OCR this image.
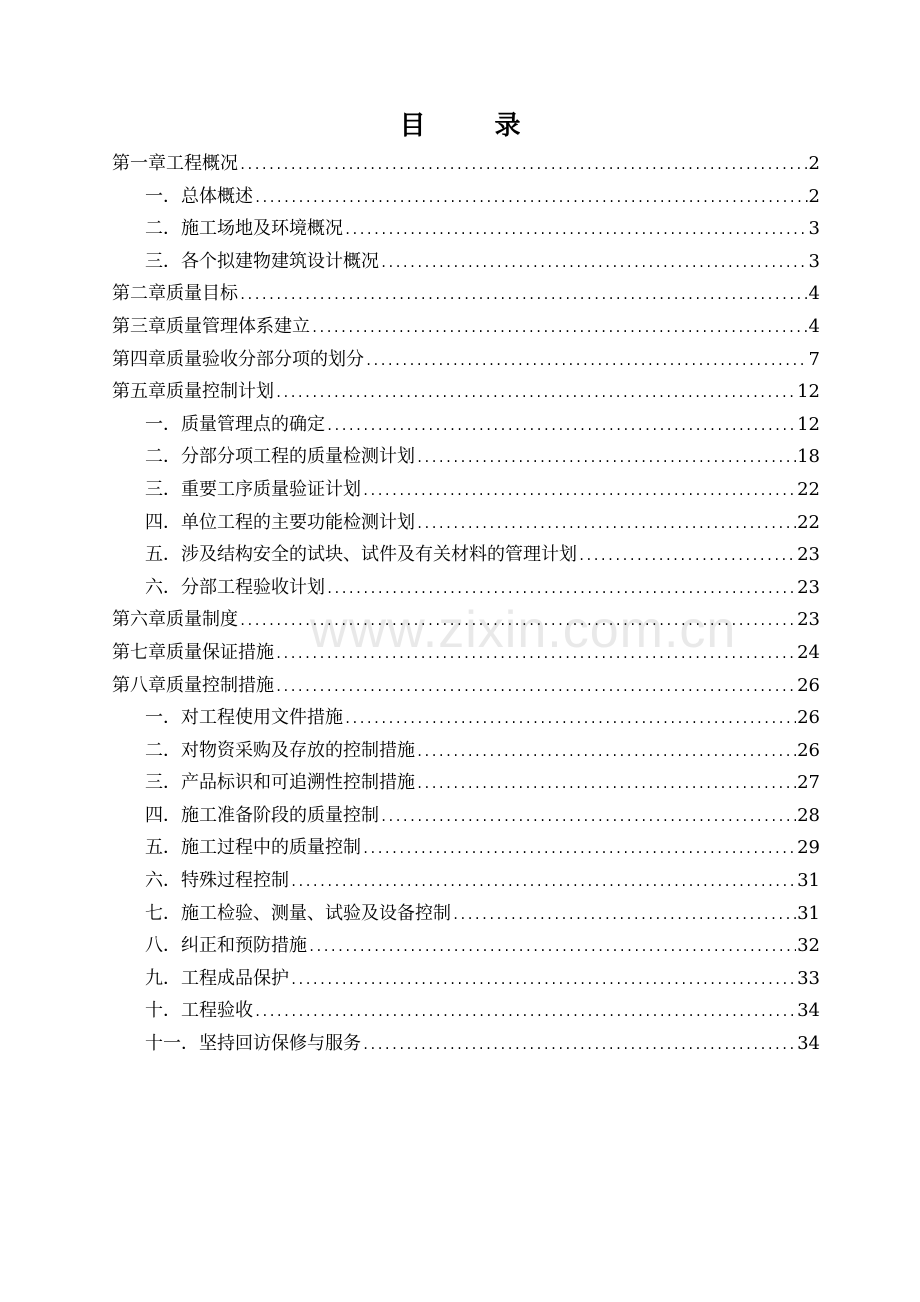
目 录
第一章 工程概况 .....	2
一． 总体概述 .....	2
二． 施工场地及环境概况 .....	3
三． 各个拟建物建筑设计概况 .....	3
第二章 质量目标 .....	4
第三章 质量管理体系建立 .....	4
第四章 质量验收分部分项的划分 .....	7
第五章 质量控制计划 .....	12
一． 质量管理点的确定 .....	12
二． 分部分项工程的质量检测计划 .....	18
三． 重要工序质量验证计划 .....	22
四． 单位工程的主要功能检测计划 .....	22
五． 涉及结构安全的试块、试件及有关材料的管理计划 .....	23
六． 分部工程验收计划 .....	23
第六章 质量制度 .....	23
第七章 质量保证措施 .....	24
第八章 质量控制措施 .....	26
一． 对工程使用文件措施 .....	26
二． 对物资采购及存放的控制措施 .....	26
三． 产品标识和可追溯性控制措施 .....	27
四． 施工准备阶段的质量控制 .....	28
五． 施工过程中的质量控制 .....	29
六． 特殊过程控制 .....	31
七． 施工检验、测量、试验及设备控制 .....	31
八． 纠正和预防措施 .....	32
九． 工程成品保护 .....	33
十． 工程验收 .....	34
十一． 坚持回访保修与服务 .....	34
www.zixin.com.cn
